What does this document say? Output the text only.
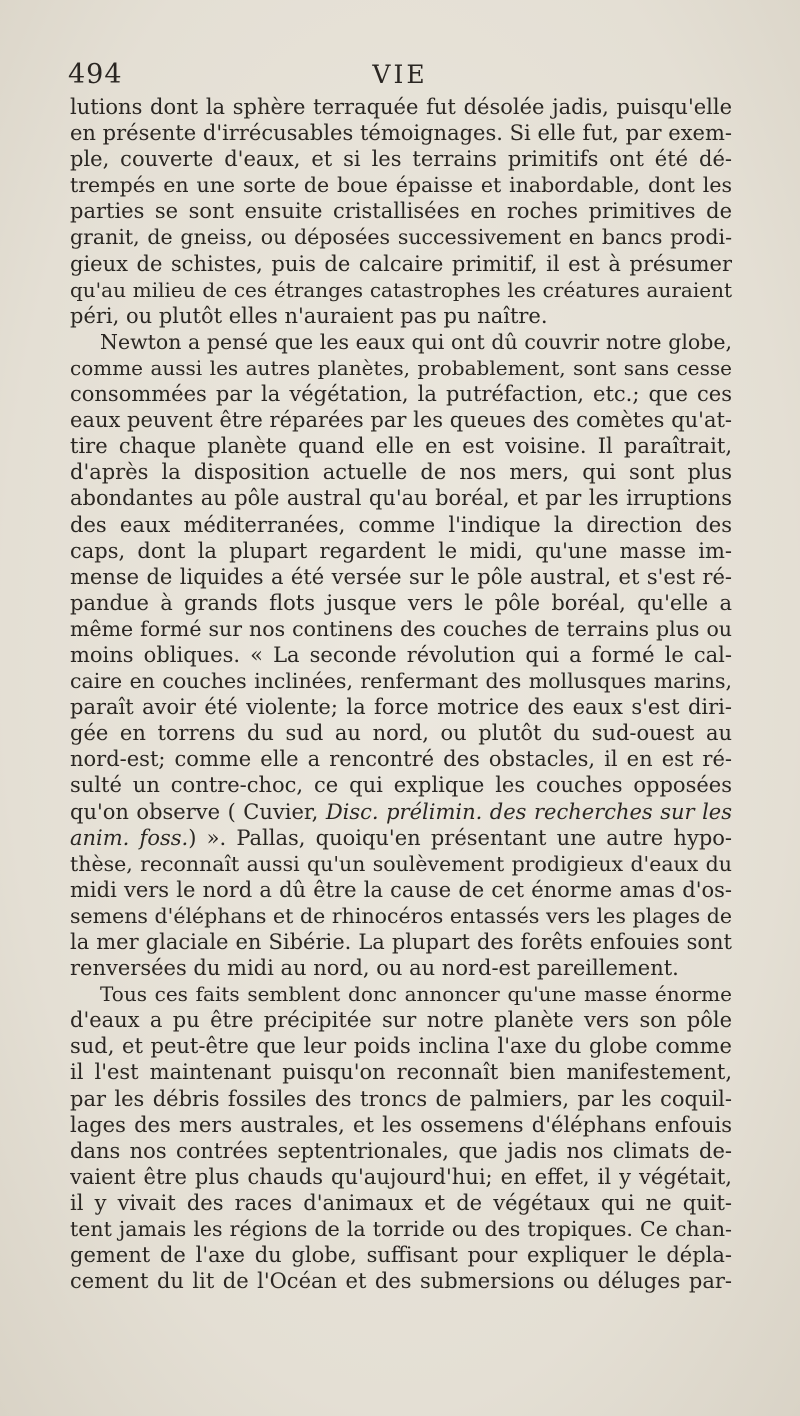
494	VIE
lutions dont la sphère terraquée fut désolée jadis, puisqu'elle
en présente d'irrécusables témoignages. Si elle fut, par exem-
ple, couverte d'eaux, et si les terrains primitifs ont été dé-
trempés en une sorte de boue épaisse et inabordable, dont les
parties se sont ensuite cristallisées en roches primitives de
granit, de gneiss, ou déposées successivement en bancs prodi-
gieux de schistes, puis de calcaire primitif, il est à présumer
qu'au milieu de ces étranges catastrophes les créatures auraient
péri, ou plutôt elles n'auraient pas pu naître.
Newton a pensé que les eaux qui ont dû couvrir notre globe,
comme aussi les autres planètes, probablement, sont sans cesse
consommées par la végétation, la putréfaction, etc.; que ces
eaux peuvent être réparées par les queues des comètes qu'at-
tire chaque planète quand elle en est voisine. Il paraîtrait,
d'après la disposition actuelle de nos mers, qui sont plus
abondantes au pôle austral qu'au boréal, et par les irruptions
des eaux méditerranées, comme l'indique la direction des
caps, dont la plupart regardent le midi, qu'une masse im-
mense de liquides a été versée sur le pôle austral, et s'est ré-
pandue à grands flots jusque vers le pôle boréal, qu'elle a
même formé sur nos continens des couches de terrains plus ou
moins obliques. « La seconde révolution qui a formé le cal-
caire en couches inclinées, renfermant des mollusques marins,
paraît avoir été violente; la force motrice des eaux s'est diri-
gée en torrens du sud au nord, ou plutôt du sud-ouest au
nord-est; comme elle a rencontré des obstacles, il en est ré-
sulté un contre-choc, ce qui explique les couches opposées
qu'on observe ( Cuvier, Disc. prélimin. des recherches sur les
anim. foss.) ». Pallas, quoiqu'en présentant une autre hypo-
thèse, reconnaît aussi qu'un soulèvement prodigieux d'eaux du
midi vers le nord a dû être la cause de cet énorme amas d'os-
semens d'éléphans et de rhinocéros entassés vers les plages de
la mer glaciale en Sibérie. La plupart des forêts enfouies sont
renversées du midi au nord, ou au nord-est pareillement.
Tous ces faits semblent donc annoncer qu'une masse énorme
d'eaux a pu être précipitée sur notre planète vers son pôle
sud, et peut-être que leur poids inclina l'axe du globe comme
il l'est maintenant puisqu'on reconnaît bien manifestement,
par les débris fossiles des troncs de palmiers, par les coquil-
lages des mers australes, et les ossemens d'éléphans enfouis
dans nos contrées septentrionales, que jadis nos climats de-
vaient être plus chauds qu'aujourd'hui; en effet, il y végétait,
il y vivait des races d'animaux et de végétaux qui ne quit-
tent jamais les régions de la torride ou des tropiques. Ce chan-
gement de l'axe du globe, suffisant pour expliquer le dépla-
cement du lit de l'Océan et des submersions ou déluges par-
